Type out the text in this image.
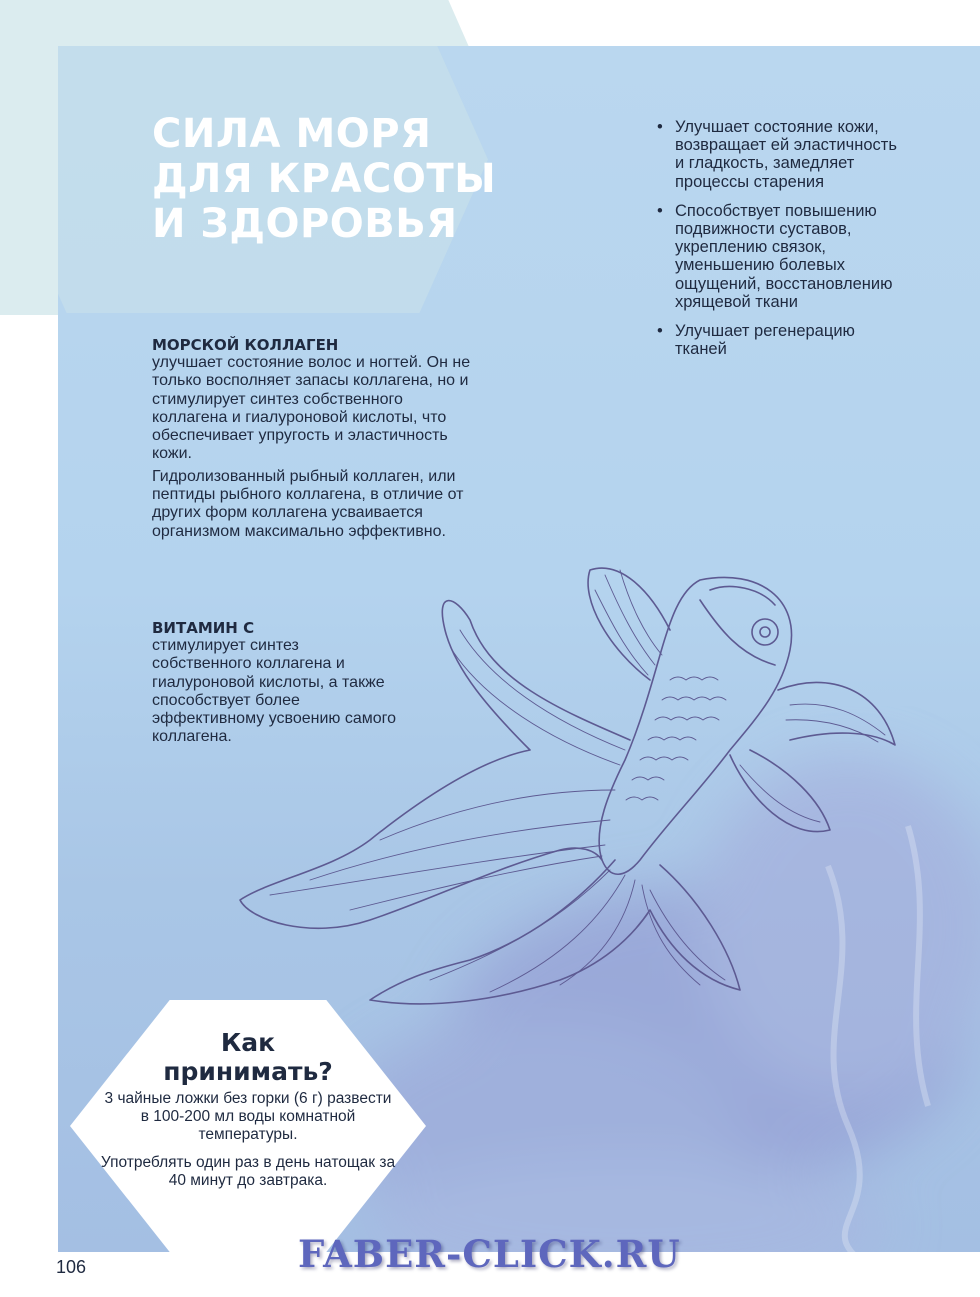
СИЛА МОРЯ
ДЛЯ КРАСОТЫ
И ЗДОРОВЬЯ
МОРСКОЙ КОЛЛАГЕН

улучшает состояние волос и ногтей. Он не только восполняет запасы коллагена, но и стимулирует синтез собственного коллагена и гиалуроновой кислоты, что обеспечивает упругость и эластичность кожи.

Гидролизованный рыбный коллаген, или пептиды рыбного коллагена, в отличие от других форм коллагена усваивается организмом максимально эффективно.

ВИТАМИН С

стимулирует синтез собственного коллагена и гиалуроновой кислоты, а также способствует более эффективному усвоению самого коллагена.

• Улучшает состояние кожи, возвращает ей эластичность и гладкость, замедляет процессы старения
• Способствует повышению подвижности суставов, укреплению связок, уменьшению болевых ощущений, восстановлению хрящевой ткани
• Улучшает регенерацию тканей
Как
принимать?

3 чайные ложки без горки (6 г) развести в 100-200 мл воды комнатной температуры.

Употреблять один раз в день натощак за 40 минут до завтрака.

106	FABER-CLICK.RU
